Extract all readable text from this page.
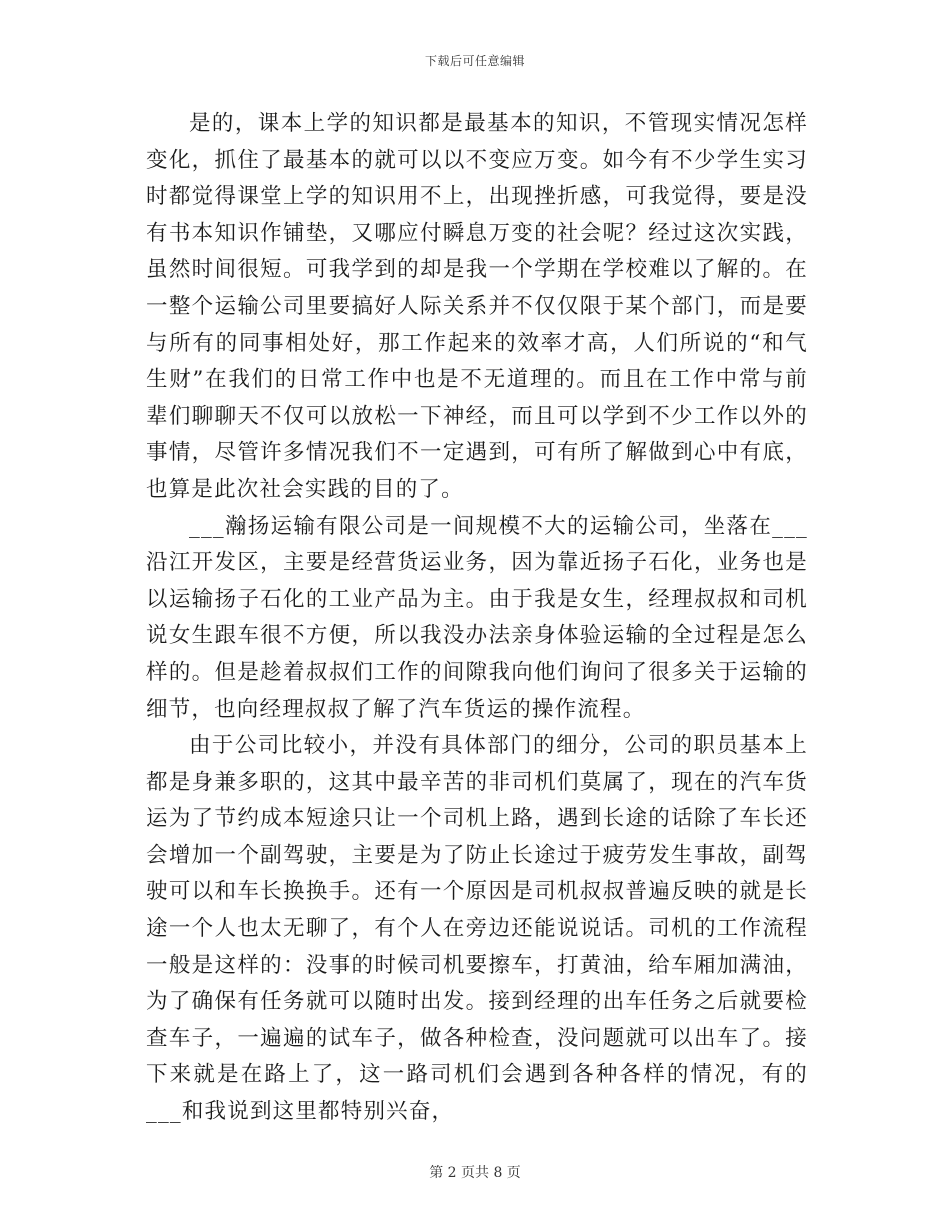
下载后可任意编辑

是的，课本上学的知识都是最基本的知识，不管现实情况怎样变化，抓住了最基本的就可以以不变应万变。如今有不少学生实习时都觉得课堂上学的知识用不上，出现挫折感，可我觉得，要是没有书本知识作铺垫，又哪应付瞬息万变的社会呢？经过这次实践，虽然时间很短。可我学到的却是我一个学期在学校难以了解的。在一整个运输公司里要搞好人际关系并不仅仅限于某个部门，而是要与所有的同事相处好，那工作起来的效率才高，人们所说的“和气生财”在我们的日常工作中也是不无道理的。而且在工作中常与前辈们聊聊天不仅可以放松一下神经，而且可以学到不少工作以外的事情，尽管许多情况我们不一定遇到，可有所了解做到心中有底，也算是此次社会实践的目的了。

___瀚扬运输有限公司是一间规模不大的运输公司，坐落在___沿江开发区，主要是经营货运业务，因为靠近扬子石化，业务也是以运输扬子石化的工业产品为主。由于我是女生，经理叔叔和司机说女生跟车很不方便，所以我没办法亲身体验运输的全过程是怎么样的。但是趁着叔叔们工作的间隙我向他们询问了很多关于运输的细节，也向经理叔叔了解了汽车货运的操作流程。

由于公司比较小，并没有具体部门的细分，公司的职员基本上都是身兼多职的，这其中最辛苦的非司机们莫属了，现在的汽车货运为了节约成本短途只让一个司机上路，遇到长途的话除了车长还会增加一个副驾驶，主要是为了防止长途过于疲劳发生事故，副驾驶可以和车长换换手。还有一个原因是司机叔叔普遍反映的就是长途一个人也太无聊了，有个人在旁边还能说说话。司机的工作流程一般是这样的：没事的时候司机要擦车，打黄油，给车厢加满油，为了确保有任务就可以随时出发。接到经理的出车任务之后就要检查车子，一遍遍的试车子，做各种检查，没问题就可以出车了。接下来就是在路上了，这一路司机们会遇到各种各样的情况，有的___和我说到这里都特别兴奋，

第 2 页共 8 页
